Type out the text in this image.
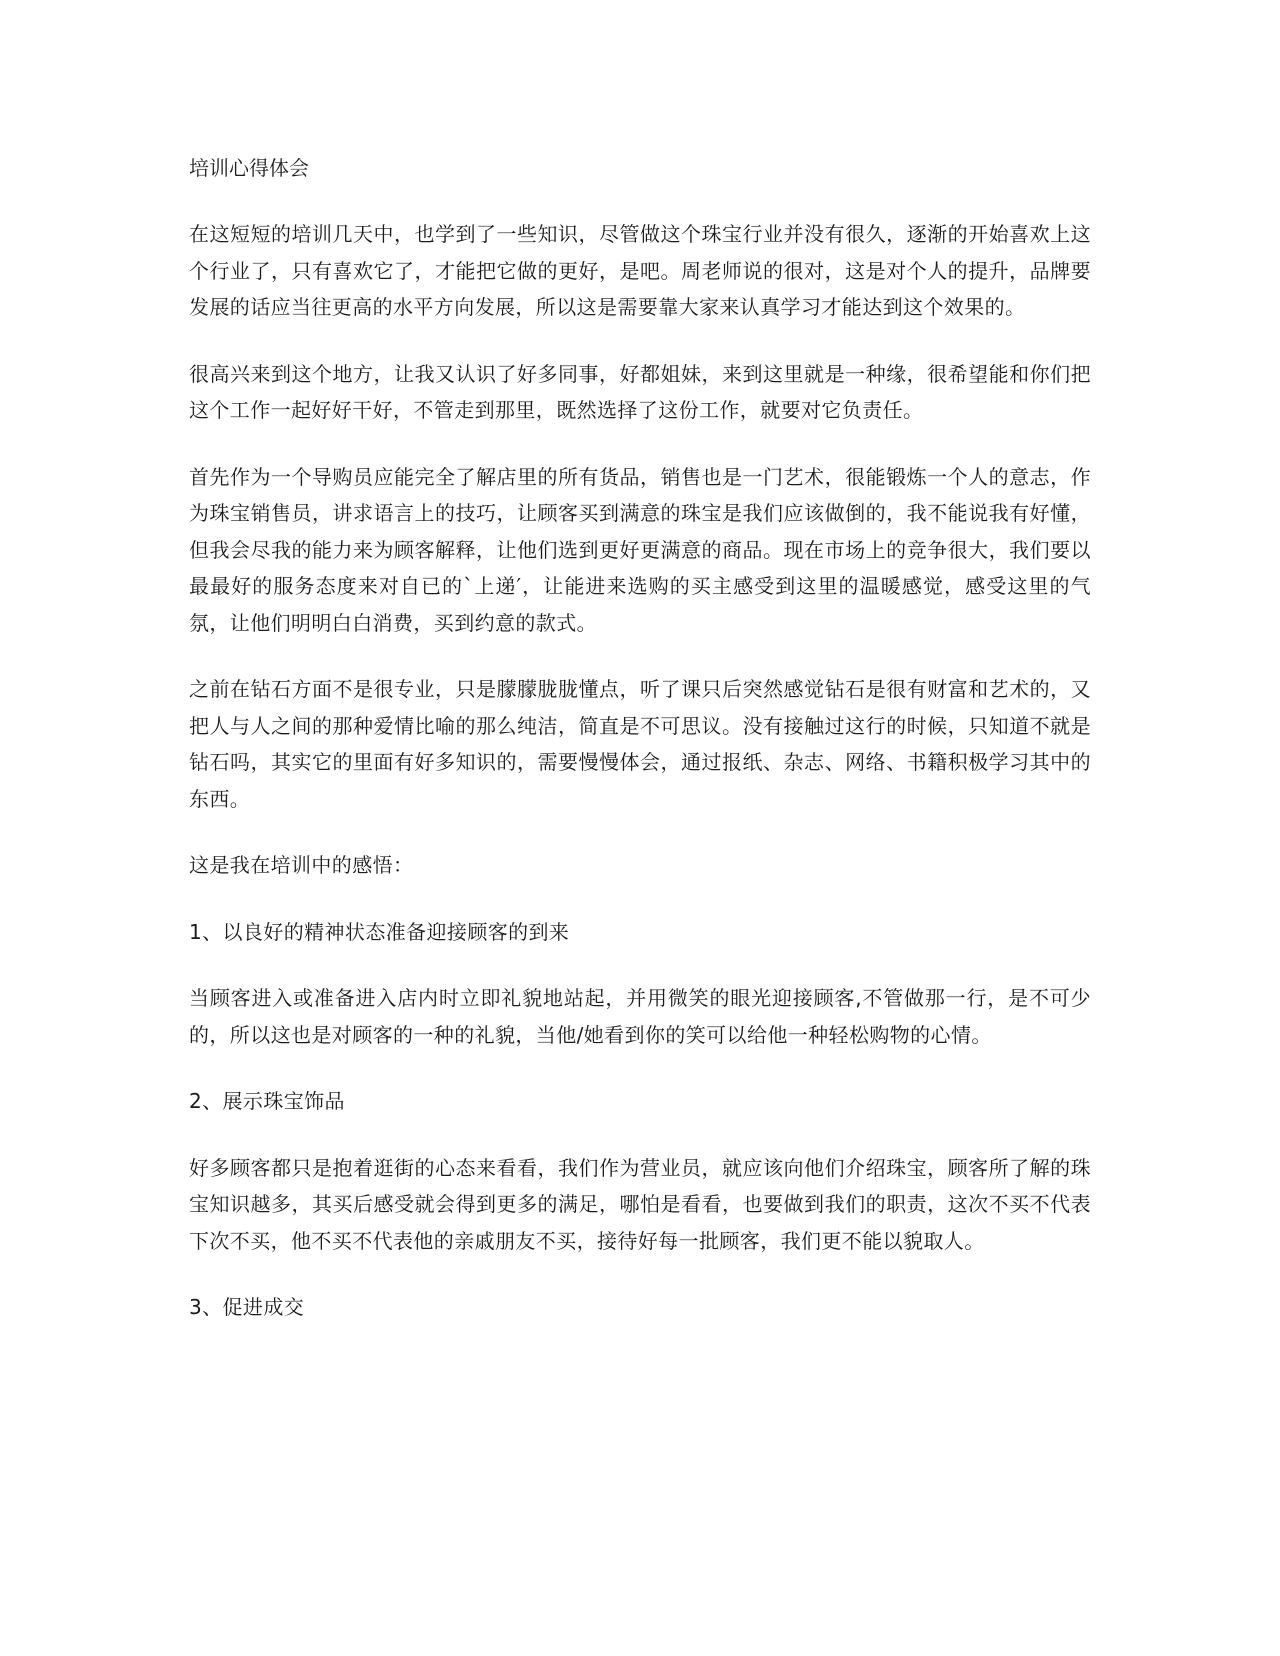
培训心得体会

在这短短的培训几天中，也学到了一些知识，尽管做这个珠宝行业并没有很久，逐渐的开始喜欢上这个行业了，只有喜欢它了，才能把它做的更好，是吧。周老师说的很对，这是对个人的提升，品牌要发展的话应当往更高的水平方向发展，所以这是需要靠大家来认真学习才能达到这个效果的。

很高兴来到这个地方，让我又认识了好多同事，好都姐妹，来到这里就是一种缘，很希望能和你们把这个工作一起好好干好，不管走到那里，既然选择了这份工作，就要对它负责任。

首先作为一个导购员应能完全了解店里的所有货品，销售也是一门艺术，很能锻炼一个人的意志，作为珠宝销售员，讲求语言上的技巧，让顾客买到满意的珠宝是我们应该做倒的，我不能说我有好懂，但我会尽我的能力来为顾客解释，让他们选到更好更满意的商品。现在市场上的竞争很大，我们要以最最好的服务态度来对自已的`上递′，让能进来选购的买主感受到这里的温暖感觉，感受这里的气氛，让他们明明白白消费，买到约意的款式。

之前在钻石方面不是很专业，只是朦朦胧胧懂点，听了课只后突然感觉钻石是很有财富和艺术的，又把人与人之间的那种爱情比喻的那么纯洁，简直是不可思议。没有接触过这行的时候，只知道不就是钻石吗，其实它的里面有好多知识的，需要慢慢体会，通过报纸、杂志、网络、书籍积极学习其中的东西。

这是我在培训中的感悟：

1、以良好的精神状态准备迎接顾客的到来

当顾客进入或准备进入店内时立即礼貌地站起，并用微笑的眼光迎接顾客,不管做那一行，是不可少的，所以这也是对顾客的一种的礼貌，当他/她看到你的笑可以给他一种轻松购物的心情。

2、展示珠宝饰品

好多顾客都只是抱着逛街的心态来看看，我们作为营业员，就应该向他们介绍珠宝，顾客所了解的珠宝知识越多，其买后感受就会得到更多的满足，哪怕是看看，也要做到我们的职责，这次不买不代表下次不买，他不买不代表他的亲戚朋友不买，接待好每一批顾客，我们更不能以貌取人。

3、促进成交
